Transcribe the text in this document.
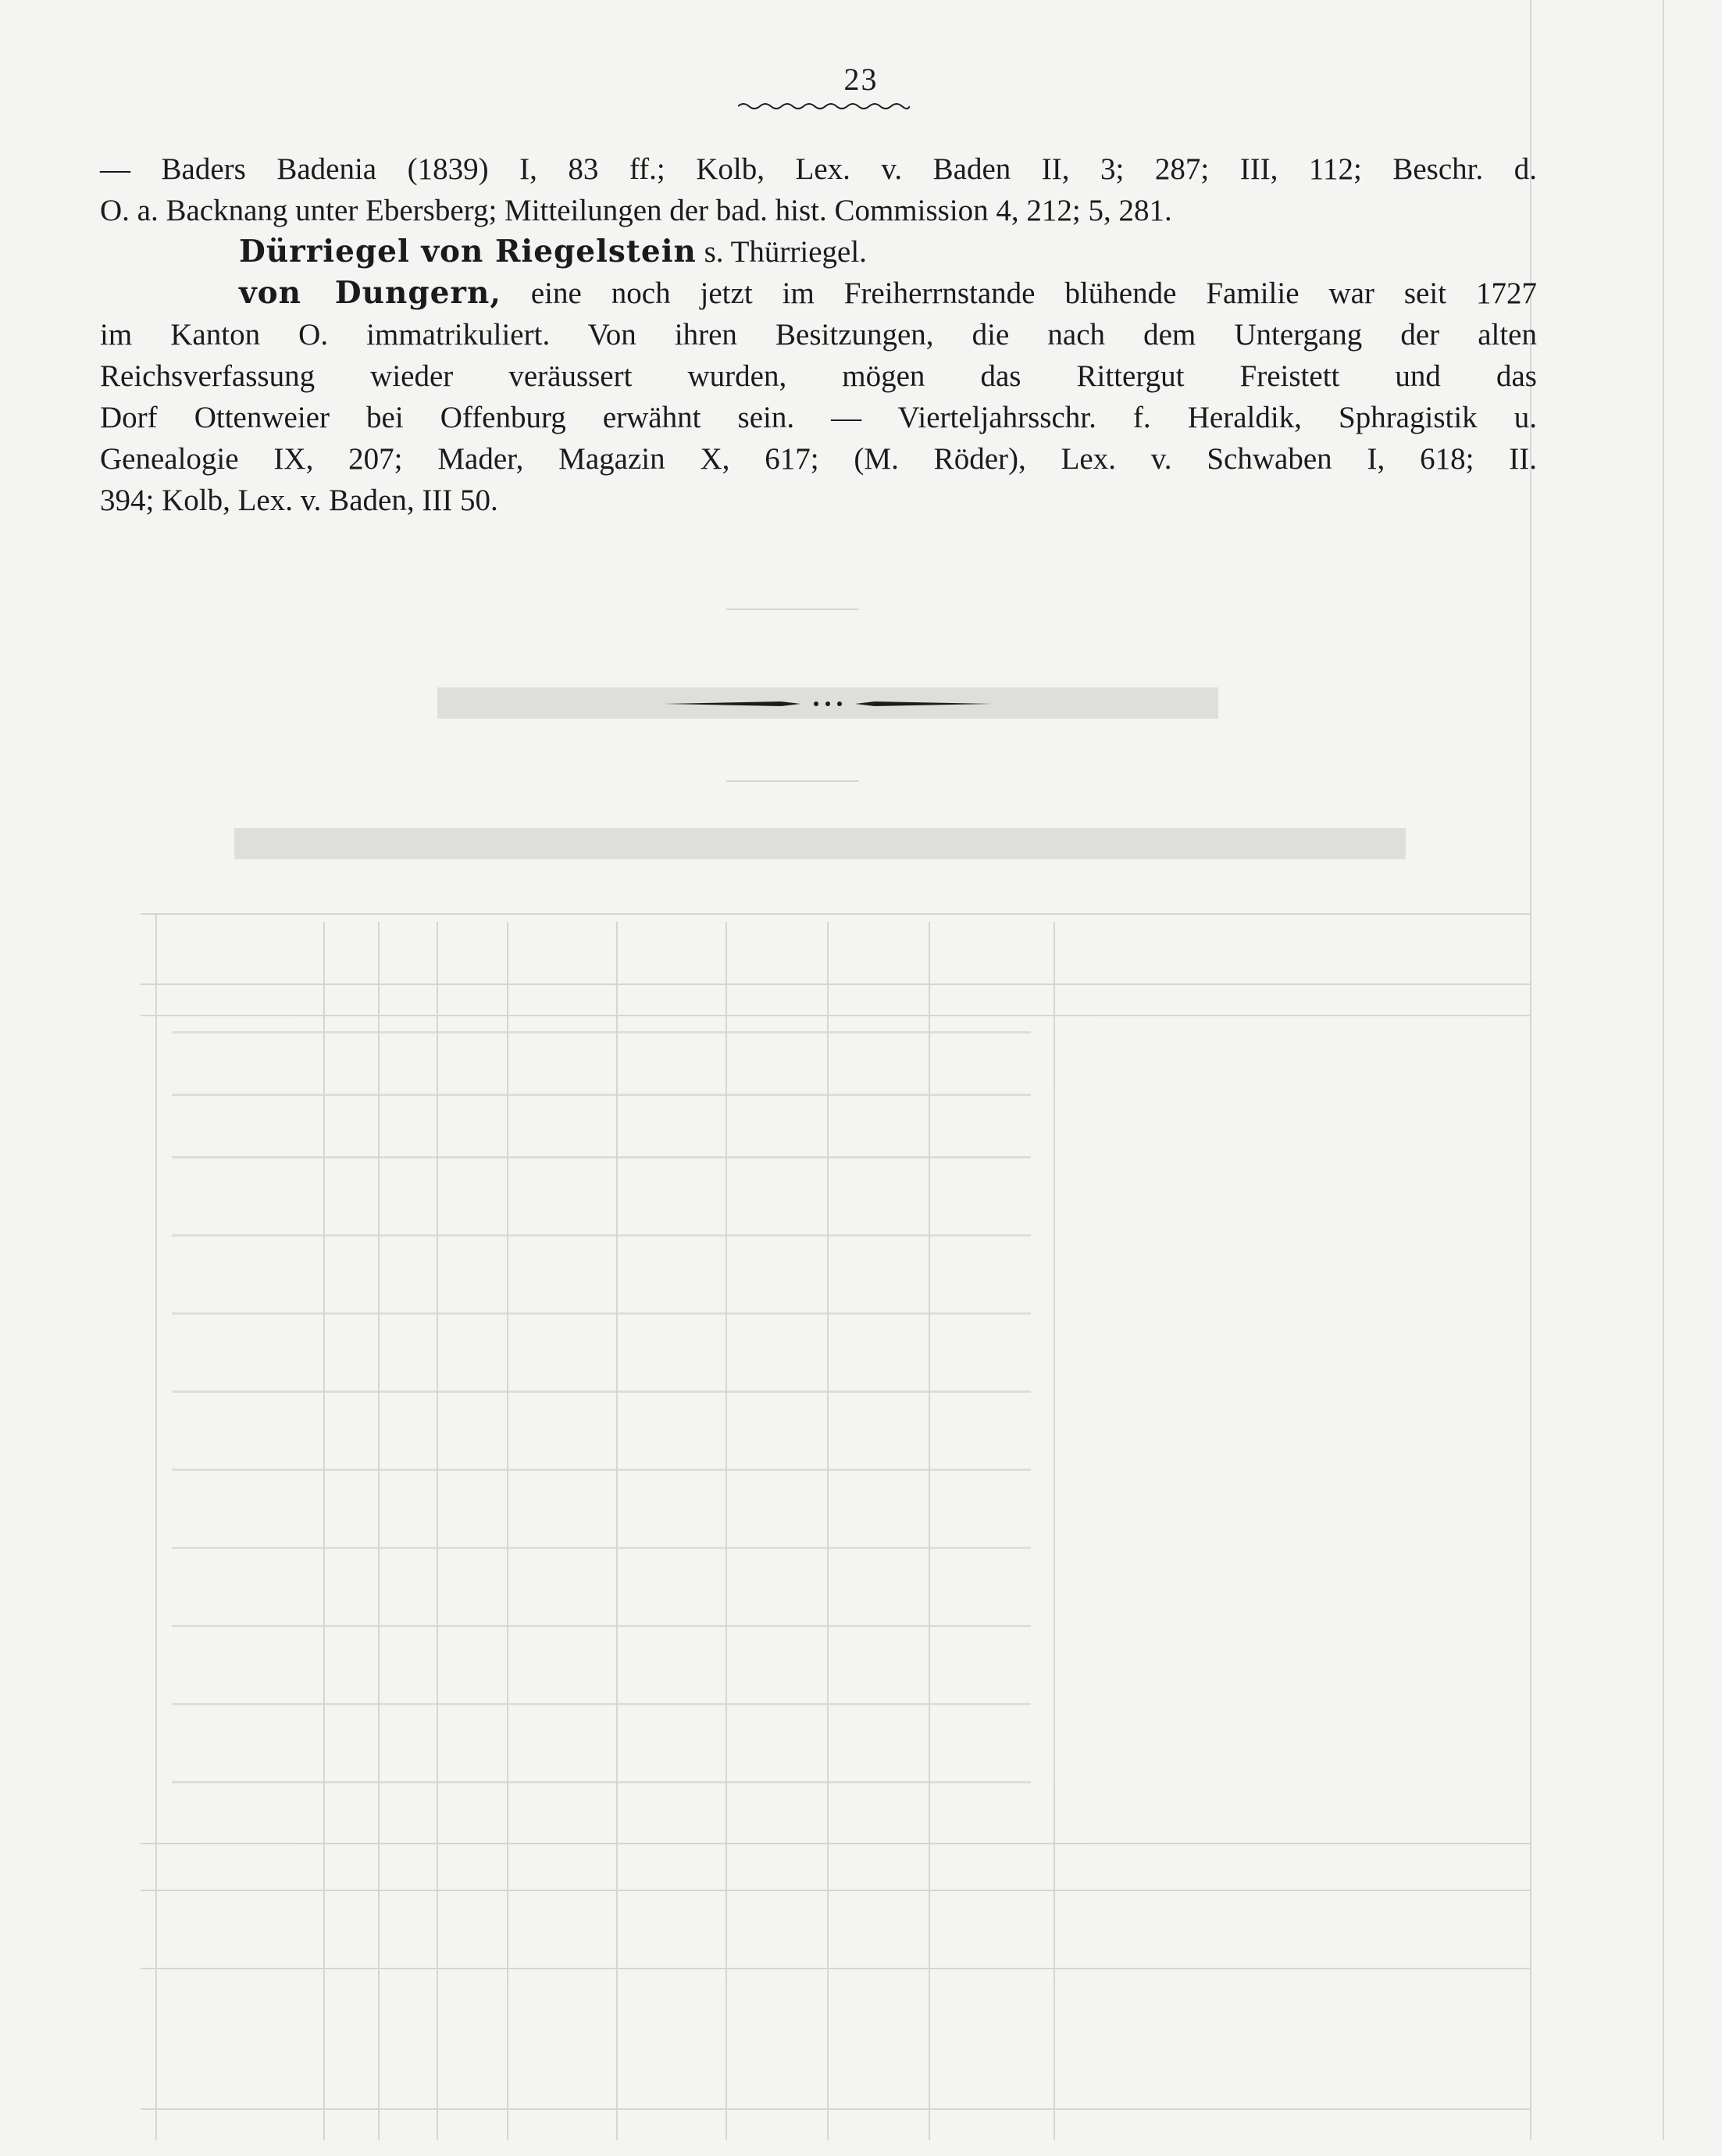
23
— Baders Badenia (1839) I, 83 ff.; Kolb, Lex. v. Baden II, 3; 287; III, 112; Beschr. d.
O. a. Backnang unter Ebersberg; Mitteilungen der bad. hist. Commission 4, 212; 5, 281.
Dürriegel von Riegelstein s. Thürriegel.
von Dungern, eine noch jetzt im Freiherrnstande blühende Familie war seit 1727
im Kanton O. immatrikuliert. Von ihren Besitzungen, die nach dem Untergang der alten
Reichsverfassung wieder veräussert wurden, mögen das Rittergut Freistett und das
Dorf Ottenweier bei Offenburg erwähnt sein. — Vierteljahrsschr. f. Heraldik, Sphragistik u.
Genealogie IX, 207; Mader, Magazin X, 617; (M. Röder), Lex. v. Schwaben I, 618; II.
394; Kolb, Lex. v. Baden, III 50.
